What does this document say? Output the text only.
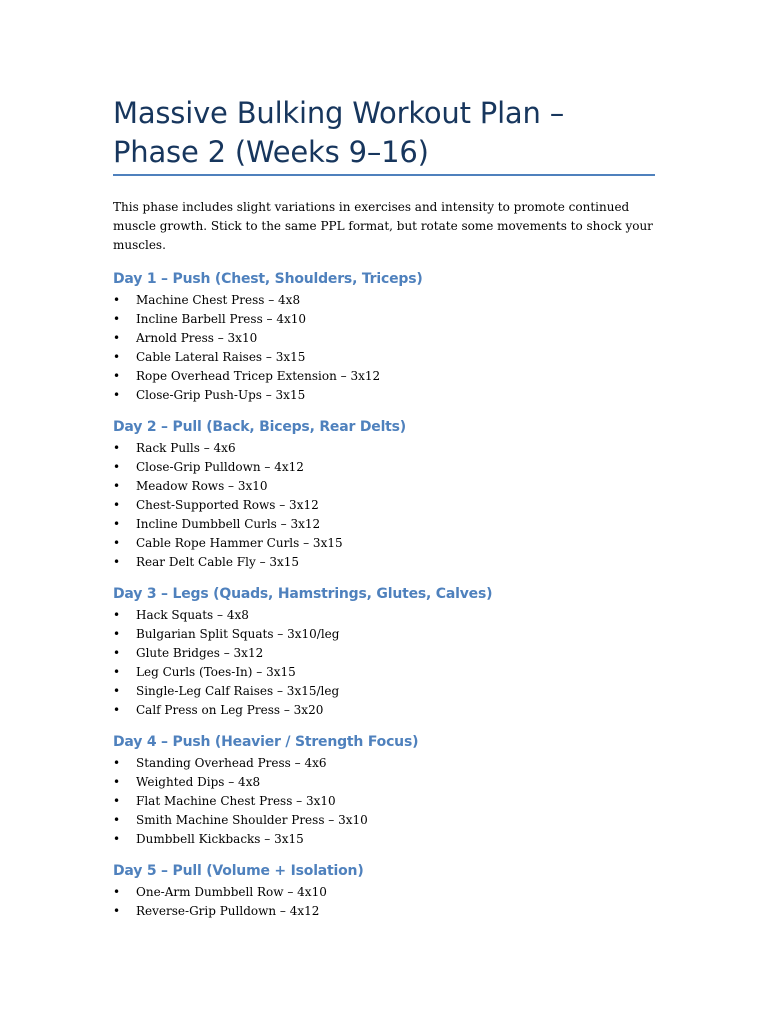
Massive Bulking Workout Plan – Phase 2 (Weeks 9–16)

This phase includes slight variations in exercises and intensity to promote continued muscle growth. Stick to the same PPL format, but rotate some movements to shock your muscles.

Day 1 – Push (Chest, Shoulders, Triceps)
• Machine Chest Press – 4x8
• Incline Barbell Press – 4x10
• Arnold Press – 3x10
• Cable Lateral Raises – 3x15
• Rope Overhead Tricep Extension – 3x12
• Close-Grip Push-Ups – 3x15
Day 2 – Pull (Back, Biceps, Rear Delts)
• Rack Pulls – 4x6
• Close-Grip Pulldown – 4x12
• Meadow Rows – 3x10
• Chest-Supported Rows – 3x12
• Incline Dumbbell Curls – 3x12
• Cable Rope Hammer Curls – 3x15
• Rear Delt Cable Fly – 3x15
Day 3 – Legs (Quads, Hamstrings, Glutes, Calves)
• Hack Squats – 4x8
• Bulgarian Split Squats – 3x10/leg
• Glute Bridges – 3x12
• Leg Curls (Toes-In) – 3x15
• Single-Leg Calf Raises – 3x15/leg
• Calf Press on Leg Press – 3x20
Day 4 – Push (Heavier / Strength Focus)
• Standing Overhead Press – 4x6
• Weighted Dips – 4x8
• Flat Machine Chest Press – 3x10
• Smith Machine Shoulder Press – 3x10
• Dumbbell Kickbacks – 3x15
Day 5 – Pull (Volume + Isolation)
• One-Arm Dumbbell Row – 4x10
• Reverse-Grip Pulldown – 4x12
